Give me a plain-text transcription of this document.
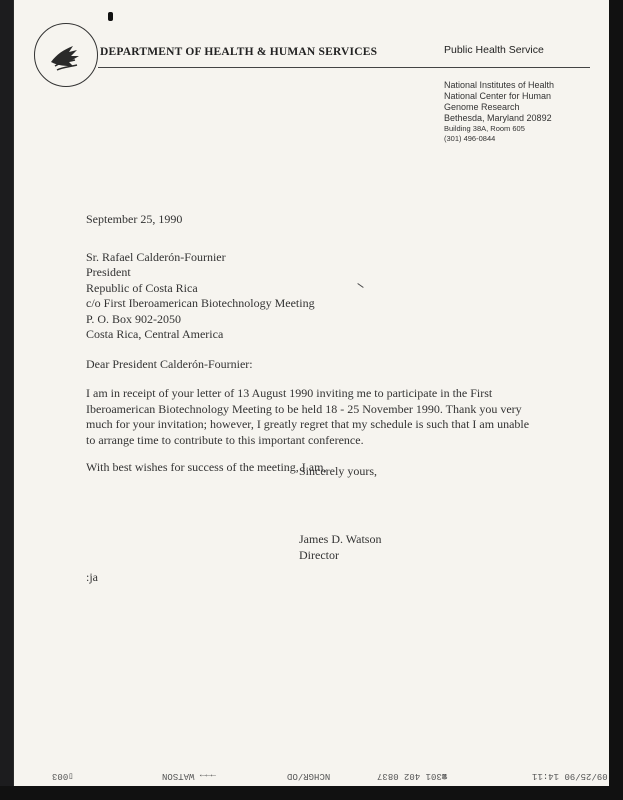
DEPARTMENT OF HEALTH & HUMAN SERVICES	Public Health Service
National Institutes of Health
National Center for Human
Genome Research
Bethesda, Maryland 20892
Building 38A, Room 605
(301) 496-0844
September 25, 1990
Sr. Rafael Calderón-Fournier
President
Republic of Costa Rica
c/o First Iberoamerican Biotechnology Meeting
P. O. Box 902-2050
Costa Rica, Central America
Dear President Calderón-Fournier:
I am in receipt of your letter of 13 August 1990 inviting me to participate in the First
Iberoamerican Biotechnology Meeting to be held 18 - 25 November 1990. Thank you very
much for your invitation; however, I greatly regret that my schedule is such that I am unable
to arrange time to contribute to this important conference.
With best wishes for success of the meeting, I am,
Sincerely yours,
James D. Watson
Director
:ja
09/25/90 14:11
☎301 402 0837
NCHGR/OD
→→→ WATSON
▯003
